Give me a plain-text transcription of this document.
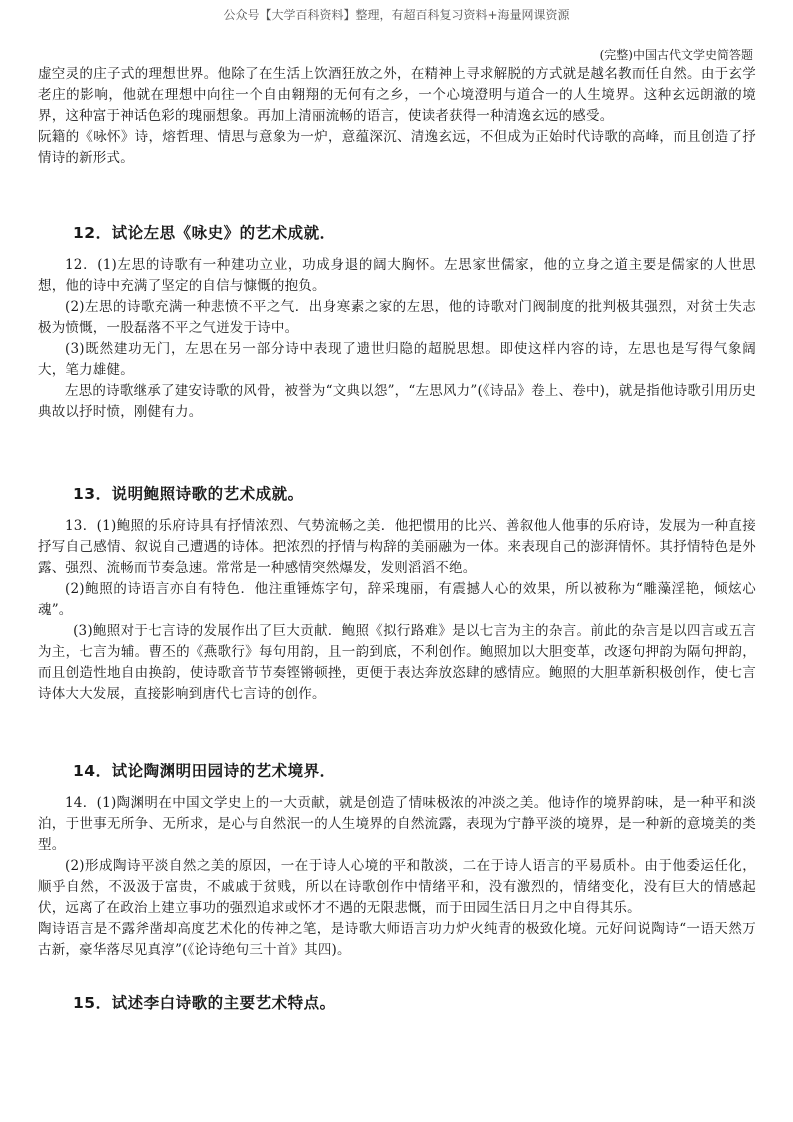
公众号【大学百科资料】整理，有超百科复习资料+海量网课资源
(完整)中国古代文学史简答题

虚空灵的庄子式的理想世界。他除了在生活上饮酒狂放之外，在精神上寻求解脱的方式就是越名教而任自然。由于玄学老庄的影响，他就在理想中向往一个自由翱翔的无何有之乡，一个心境澄明与道合一的人生境界。这种玄远朗澈的境界，这种富于神话色彩的瑰丽想象。再加上清丽流畅的语言，使读者获得一种清逸玄远的感受。

阮籍的《咏怀》诗，熔哲理、情思与意象为一炉，意蕴深沉、清逸玄远，不但成为正始时代诗歌的高峰，而且创造了抒情诗的新形式。

12．试论左思《咏史》的艺术成就．

12．(1)左思的诗歌有一种建功立业，功成身退的阔大胸怀。左思家世儒家，他的立身之道主要是儒家的人世思想，他的诗中充满了坚定的自信与慷慨的抱负。

(2)左思的诗歌充满一种悲愤不平之气．出身寒素之家的左思，他的诗歌对门阀制度的批判极其强烈，对贫士失志极为愤慨，一股磊落不平之气迸发于诗中。

(3)既然建功无门，左思在另一部分诗中表现了遗世归隐的超脱思想。即使这样内容的诗，左思也是写得气象阔大，笔力雄健。

左思的诗歌继承了建安诗歌的风骨，被誉为“文典以怨”，“左思风力”(《诗品》卷上、卷中)，就是指他诗歌引用历史典故以抒时愤，刚健有力。

13．说明鲍照诗歌的艺术成就。

13．(1)鲍照的乐府诗具有抒情浓烈、气势流畅之美．他把惯用的比兴、善叙他人他事的乐府诗，发展为一种直接抒写自己感情、叙说自己遭遇的诗体。把浓烈的抒情与构辞的美丽融为一体。来表现自己的澎湃情怀。其抒情特色是外露、强烈、流畅而节奏急速。常常是一种感情突然爆发，发则滔滔不绝。

(2)鲍照的诗语言亦自有特色．他注重锤炼字句，辞采瑰丽，有震撼人心的效果，所以被称为“雕藻淫艳，倾炫心魂”。

(3)鲍照对于七言诗的发展作出了巨大贡献．鲍照《拟行路难》是以七言为主的杂言。前此的杂言是以四言或五言为主，七言为辅。曹丕的《燕歌行》每句用韵，且一韵到底，不利创作。鲍照加以大胆变革，改逐句押韵为隔句押韵，而且创造性地自由换韵，使诗歌音节节奏铿锵顿挫，更便于表达奔放恣肆的感情应。鲍照的大胆革新积极创作，使七言诗体大大发展，直接影响到唐代七言诗的创作。

14．试论陶渊明田园诗的艺术境界．

14．(1)陶渊明在中国文学史上的一大贡献，就是创造了情味极浓的冲淡之美。他诗作的境界韵味，是一种平和淡泊，于世事无所争、无所求，是心与自然泯一的人生境界的自然流露，表现为宁静平淡的境界，是一种新的意境美的类型。

(2)形成陶诗平淡自然之美的原因，一在于诗人心境的平和散淡，二在于诗人语言的平易质朴。由于他委运任化，顺乎自然，不汲汲于富贵，不戚戚于贫贱，所以在诗歌创作中情绪平和，没有激烈的，情绪变化，没有巨大的情感起伏，远离了在政治上建立事功的强烈追求或怀才不遇的无限悲慨，而于田园生活日月之中自得其乐。

陶诗语言是不露斧凿却高度艺术化的传神之笔，是诗歌大师语言功力炉火纯青的极致化境。元好问说陶诗“一语天然万古新，豪华落尽见真淳”(《论诗绝句三十首》其四)。

15．试述李白诗歌的主要艺术特点。
